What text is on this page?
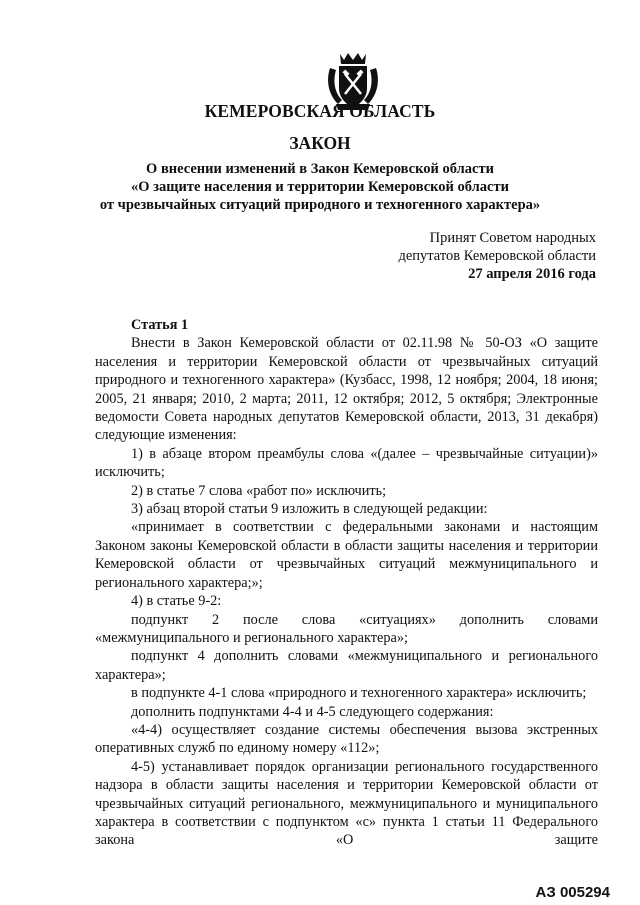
КЕМЕРОВСКАЯ ОБЛАСТЬ
ЗАКОН
О внесении изменений в Закон Кемеровской области
«О защите населения и территории Кемеровской области
от чрезвычайных ситуаций природного и техногенного характера»
Принят Советом народных
депутатов Кемеровской области
27 апреля 2016 года

Статья 1

Внести в Закон Кемеровской области от 02.11.98 № 50-ОЗ «О защите населения и территории Кемеровской области от чрезвычайных ситуаций природного и техногенного характера» (Кузбасс, 1998, 12 ноября; 2004, 18 июня; 2005, 21 января; 2010, 2 марта; 2011, 12 октября; 2012, 5 октября; Электронные ведомости Совета народных депутатов Кемеровской области, 2013, 31 декабря) следующие изменения:

1) в абзаце втором преамбулы слова «(далее – чрезвычайные ситуации)» исключить;

2) в статье 7 слова «работ по» исключить;

3) абзац второй статьи 9 изложить в следующей редакции:

«принимает в соответствии с федеральными законами и настоящим Законом законы Кемеровской области в области защиты населения и территории Кемеровской области от чрезвычайных ситуаций межмуниципального и регионального характера;»;

4) в статье 9-2:

подпункт 2 после слова «ситуациях» дополнить словами «межмуниципального и регионального характера»;

подпункт 4 дополнить словами «межмуниципального и регионального характера»;

в подпункте 4-1 слова «природного и техногенного характера» исключить;

дополнить подпунктами 4-4 и 4-5 следующего содержания:

«4-4) осуществляет создание системы обеспечения вызова экстренных оперативных служб по единому номеру «112»;

4-5) устанавливает порядок организации регионального государственного надзора в области защиты населения и территории Кемеровской области от чрезвычайных ситуаций регионального, межмуниципального и муниципального характера в соответствии с подпунктом «с» пункта 1 статьи 11 Федерального закона «О защите

АЗ 005294
